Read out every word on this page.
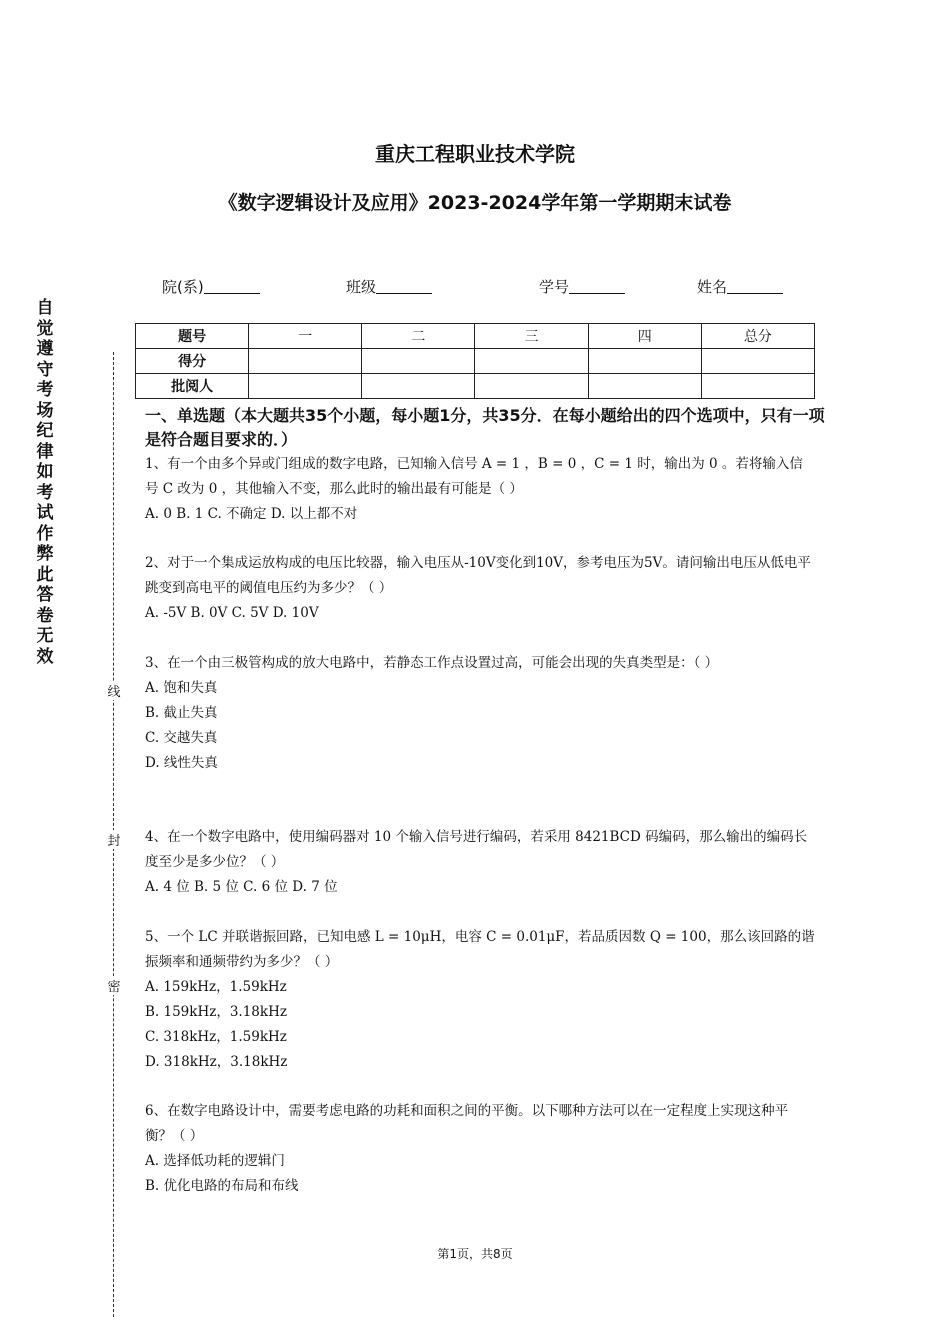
重庆工程职业技术学院
《数字逻辑设计及应用》2023-2024学年第一学期期末试卷
院(系)	班级	学号	姓名
自觉遵守考场纪律如考试作弊此答卷无效
线
封
密
题号	一	二	三	四	总分
得分					
批阅人					
一、单选题（本大题共35个小题，每小题1分，共35分．在每小题给出的四个选项中，只有一项是符合题目要求的．）

1、有一个由多个异或门组成的数字电路，已知输入信号 A = 1 ，B = 0 ，C = 1 时，输出为 0 。若将输入信号 C 改为 0 ，其他输入不变，那么此时的输出最有可能是（ ）

A. 0 B. 1 C. 不确定 D. 以上都不对

2、对于一个集成运放构成的电压比较器，输入电压从-10V变化到10V，参考电压为5V。请问输出电压从低电平跳变到高电平的阈值电压约为多少？（ ）

A. -5V B. 0V C. 5V D. 10V

3、在一个由三极管构成的放大电路中，若静态工作点设置过高，可能会出现的失真类型是：（ ）

A. 饱和失真

B. 截止失真

C. 交越失真

D. 线性失真

4、在一个数字电路中，使用编码器对 10 个输入信号进行编码，若采用 8421BCD 码编码，那么输出的编码长度至少是多少位？（ ）

A. 4 位 B. 5 位 C. 6 位 D. 7 位

5、一个 LC 并联谐振回路，已知电感 L = 10μH，电容 C = 0.01μF，若品质因数 Q = 100，那么该回路的谐振频率和通频带约为多少？（ ）

A. 159kHz，1.59kHz

B. 159kHz，3.18kHz

C. 318kHz，1.59kHz

D. 318kHz，3.18kHz

6、在数字电路设计中，需要考虑电路的功耗和面积之间的平衡。以下哪种方法可以在一定程度上实现这种平衡？（ ）

A. 选择低功耗的逻辑门

B. 优化电路的布局和布线

第1页，共8页
